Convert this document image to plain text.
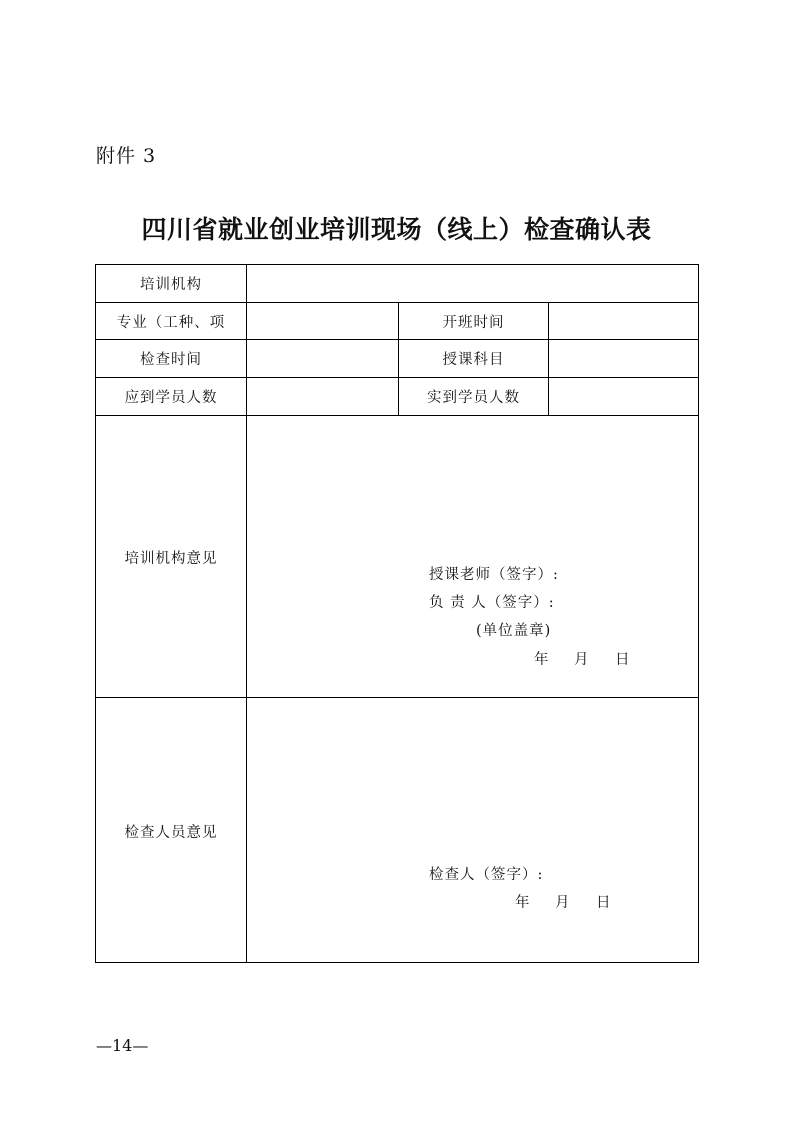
附件 3
四川省就业创业培训现场（线上）检查确认表
培训机构
专业（工种、项	开班时间
检查时间	授课科目
应到学员人数	实到学员人数
培训机构意见
授课老师（签字）:
负 责 人（签字）:
(单位盖章)
年 月 日
检查人员意见
检查人（签字）:
年 月 日
—14—
